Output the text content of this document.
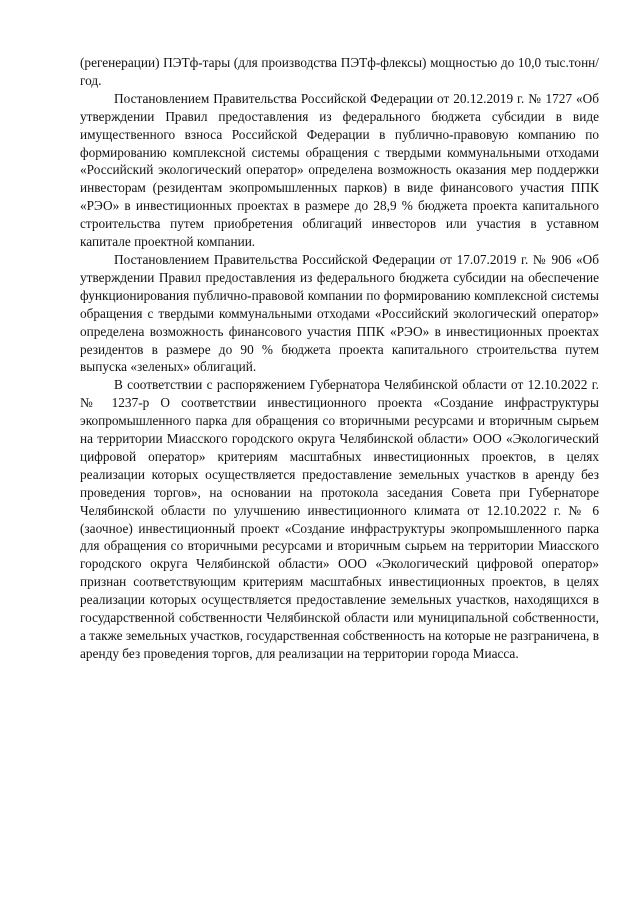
(регенерации) ПЭТф-тары (для производства ПЭТф-флексы) мощностью до 10,0 тыс.тонн/год.

Постановлением Правительства Российской Федерации от 20.12.2019 г. № 1727 «Об утверждении Правил предоставления из федерального бюджета субсидии в виде имущественного взноса Российской Федерации в публично-правовую компанию по формированию комплексной системы обращения с твердыми коммунальными отходами «Российский экологический оператор» определена возможность оказания мер поддержки инвесторам (резидентам экопромышленных парков) в виде финансового участия ППК «РЭО» в инвестиционных проектах в размере до 28,9 % бюджета проекта капитального строительства путем приобретения облигаций инвесторов или участия в уставном капитале проектной компании.

Постановлением Правительства Российской Федерации от 17.07.2019 г. № 906 «Об утверждении Правил предоставления из федерального бюджета субсидии на обеспечение функционирования публично-правовой компании по формированию комплексной системы обращения с твердыми коммунальными отходами «Российский экологический оператор» определена возможность финансового участия ППК «РЭО» в инвестиционных проектах резидентов в размере до 90 % бюджета проекта капитального строительства путем выпуска «зеленых» облигаций.

В соответствии с распоряжением Губернатора Челябинской области от 12.10.2022 г. № 1237-р О соответствии инвестиционного проекта «Создание инфраструктуры экопромышленного парка для обращения со вторичными ресурсами и вторичным сырьем на территории Миасского городского округа Челябинской области» ООО «Экологический цифровой оператор» критериям масштабных инвестиционных проектов, в целях реализации которых осуществляется предоставление земельных участков в аренду без проведения торгов», на основании на протокола заседания Совета при Губернаторе Челябинской области по улучшению инвестиционного климата от 12.10.2022 г. № 6 (заочное) инвестиционный проект «Создание инфраструктуры экопромышленного парка для обращения со вторичными ресурсами и вторичным сырьем на территории Миасского городского округа Челябинской области» ООО «Экологический цифровой оператор» признан соответствующим критериям масштабных инвестиционных проектов, в целях реализации которых осуществляется предоставление земельных участков, находящихся в государственной собственности Челябинской области или муниципальной собственности, а также земельных участков, государственная собственность на которые не разграничена, в аренду без проведения торгов, для реализации на территории города Миасса.
